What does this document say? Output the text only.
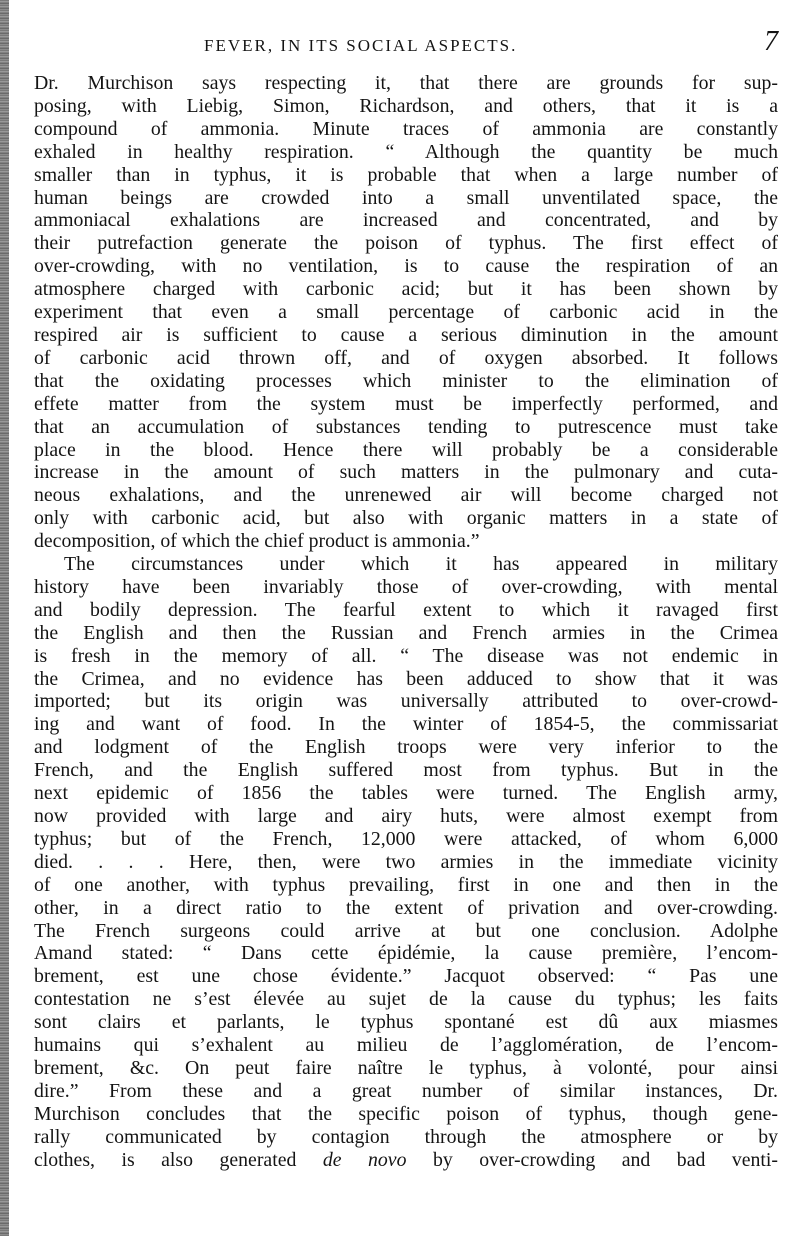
FEVER, IN ITS SOCIAL ASPECTS.	7
Dr. Murchison says respecting it, that there are grounds for sup-
posing, with Liebig, Simon, Richardson, and others, that it is a
compound of ammonia. Minute traces of ammonia are constantly
exhaled in healthy respiration. “ Although the quantity be much
smaller than in typhus, it is probable that when a large number of
human beings are crowded into a small unventilated space, the
ammoniacal exhalations are increased and concentrated, and by
their putrefaction generate the poison of typhus. The first effect of
over-crowding, with no ventilation, is to cause the respiration of an
atmosphere charged with carbonic acid; but it has been shown by
experiment that even a small percentage of carbonic acid in the
respired air is sufficient to cause a serious diminution in the amount
of carbonic acid thrown off, and of oxygen absorbed. It follows
that the oxidating processes which minister to the elimination of
effete matter from the system must be imperfectly performed, and
that an accumulation of substances tending to putrescence must take
place in the blood. Hence there will probably be a considerable
increase in the amount of such matters in the pulmonary and cuta-
neous exhalations, and the unrenewed air will become charged not
only with carbonic acid, but also with organic matters in a state of
decomposition, of which the chief product is ammonia.”
The circumstances under which it has appeared in military
history have been invariably those of over-crowding, with mental
and bodily depression. The fearful extent to which it ravaged first
the English and then the Russian and French armies in the Crimea
is fresh in the memory of all. “ The disease was not endemic in
the Crimea, and no evidence has been adduced to show that it was
imported; but its origin was universally attributed to over-crowd-
ing and want of food. In the winter of 1854-5, the commissariat
and lodgment of the English troops were very inferior to the
French, and the English suffered most from typhus. But in the
next epidemic of 1856 the tables were turned. The English army,
now provided with large and airy huts, were almost exempt from
typhus; but of the French, 12,000 were attacked, of whom 6,000
died. . . . Here, then, were two armies in the immediate vicinity
of one another, with typhus prevailing, first in one and then in the
other, in a direct ratio to the extent of privation and over-crowding.
The French surgeons could arrive at but one conclusion. Adolphe
Amand stated: “ Dans cette épidémie, la cause première, l’encom-
brement, est une chose évidente.” Jacquot observed: “ Pas une
contestation ne s’est élevée au sujet de la cause du typhus; les faits
sont clairs et parlants, le typhus spontané est dû aux miasmes
humains qui s’exhalent au milieu de l’agglomération, de l’encom-
brement, &c. On peut faire naître le typhus, à volonté, pour ainsi
dire.” From these and a great number of similar instances, Dr.
Murchison concludes that the specific poison of typhus, though gene-
rally communicated by contagion through the atmosphere or by
clothes, is also generated de novo by over-crowding and bad venti-
